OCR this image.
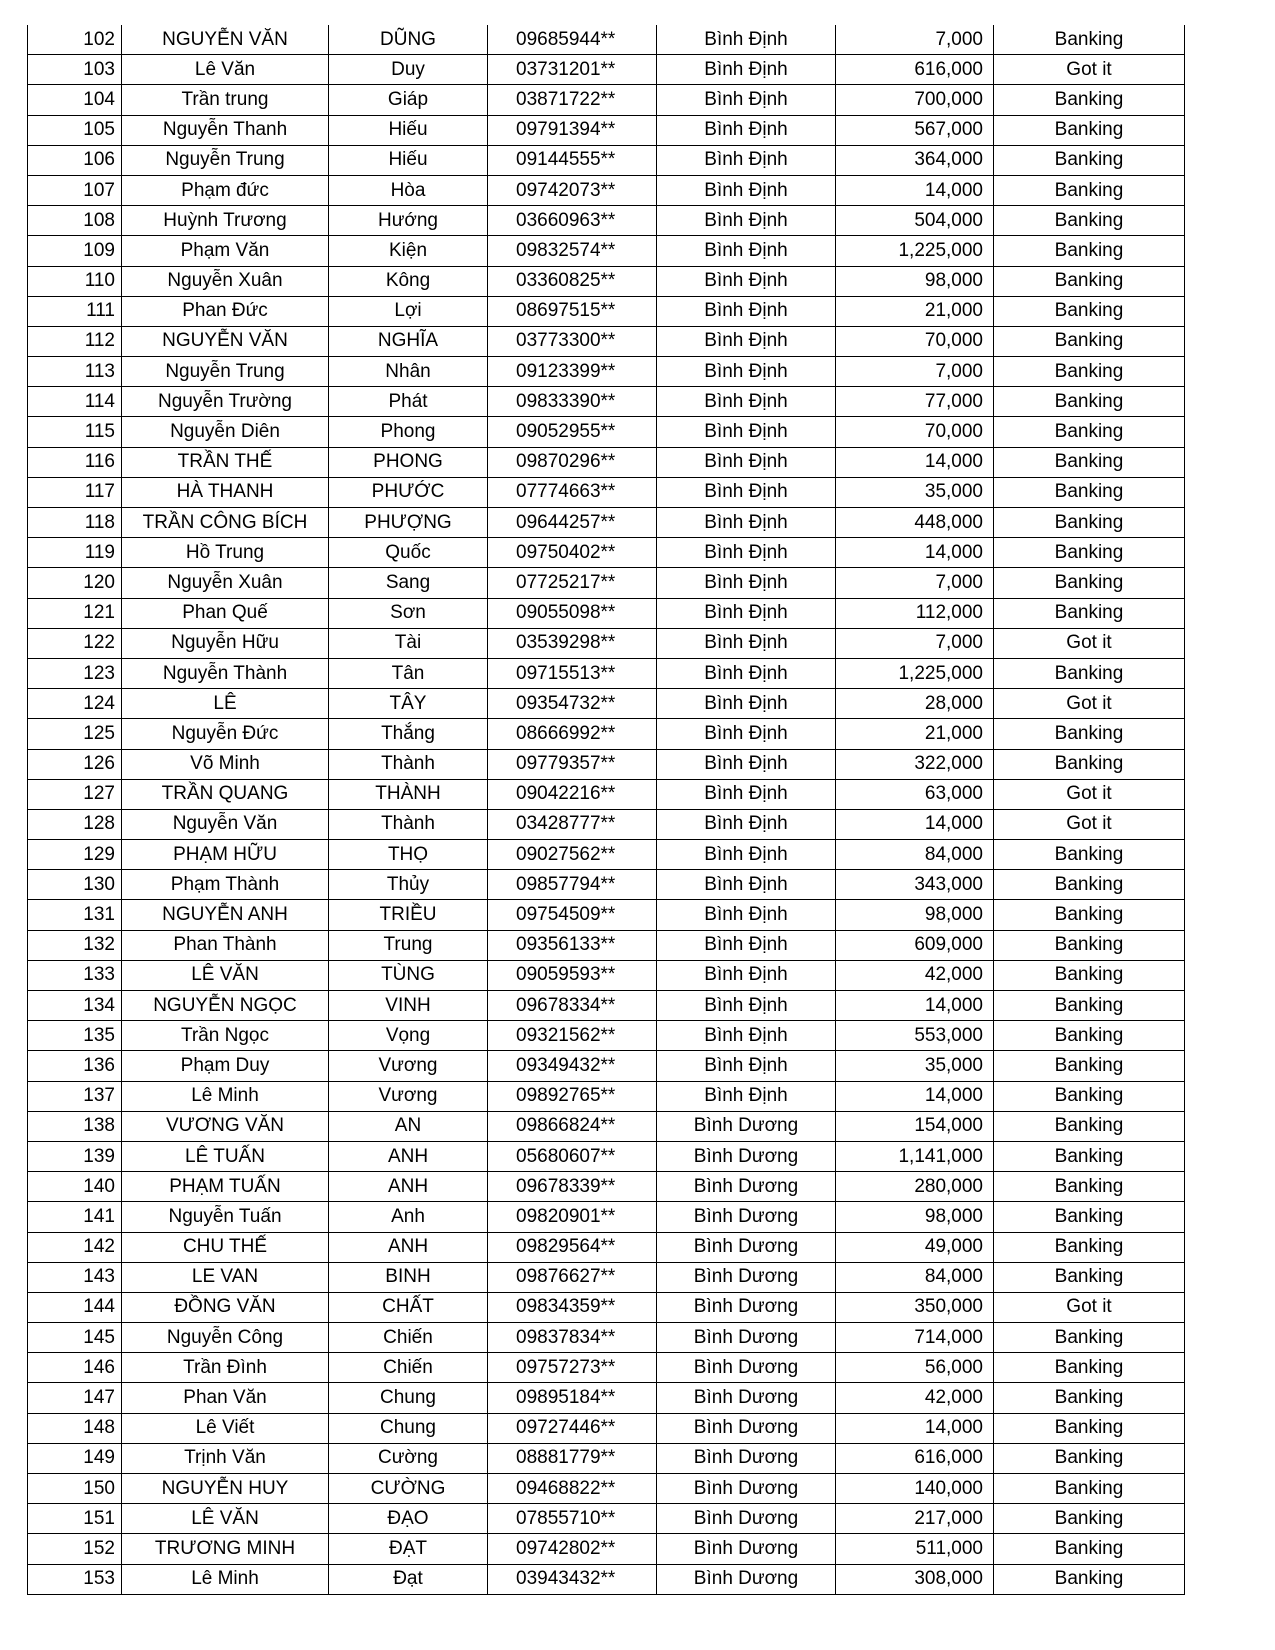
102	NGUYỄN VĂN	DŨNG	09685944**	Bình Định	7,000	Banking
103	Lê Văn	Duy	03731201**	Bình Định	616,000	Got it
104	Trần trung	Giáp	03871722**	Bình Định	700,000	Banking
105	Nguyễn Thanh	Hiếu	09791394**	Bình Định	567,000	Banking
106	Nguyễn Trung	Hiếu	09144555**	Bình Định	364,000	Banking
107	Phạm đức	Hòa	09742073**	Bình Định	14,000	Banking
108	Huỳnh Trương	Hướng	03660963**	Bình Định	504,000	Banking
109	Phạm Văn	Kiện	09832574**	Bình Định	1,225,000	Banking
110	Nguyễn Xuân	Kông	03360825**	Bình Định	98,000	Banking
111	Phan Đức	Lợi	08697515**	Bình Định	21,000	Banking
112	NGUYỄN VĂN	NGHĨA	03773300**	Bình Định	70,000	Banking
113	Nguyễn Trung	Nhân	09123399**	Bình Định	7,000	Banking
114	Nguyễn Trường	Phát	09833390**	Bình Định	77,000	Banking
115	Nguyễn Diên	Phong	09052955**	Bình Định	70,000	Banking
116	TRẦN THẾ	PHONG	09870296**	Bình Định	14,000	Banking
117	HÀ THANH	PHƯỚC	07774663**	Bình Định	35,000	Banking
118	TRẦN CÔNG BÍCH	PHƯỢNG	09644257**	Bình Định	448,000	Banking
119	Hồ Trung	Quốc	09750402**	Bình Định	14,000	Banking
120	Nguyễn Xuân	Sang	07725217**	Bình Định	7,000	Banking
121	Phan Quế	Sơn	09055098**	Bình Định	112,000	Banking
122	Nguyễn Hữu	Tài	03539298**	Bình Định	7,000	Got it
123	Nguyễn Thành	Tân	09715513**	Bình Định	1,225,000	Banking
124	LÊ	TÂY	09354732**	Bình Định	28,000	Got it
125	Nguyễn Đức	Thắng	08666992**	Bình Định	21,000	Banking
126	Võ Minh	Thành	09779357**	Bình Định	322,000	Banking
127	TRẦN QUANG	THÀNH	09042216**	Bình Định	63,000	Got it
128	Nguyễn Văn	Thành	03428777**	Bình Định	14,000	Got it
129	PHẠM HỮU	THỌ	09027562**	Bình Định	84,000	Banking
130	Phạm Thành	Thủy	09857794**	Bình Định	343,000	Banking
131	NGUYỄN ANH	TRIỀU	09754509**	Bình Định	98,000	Banking
132	Phan Thành	Trung	09356133**	Bình Định	609,000	Banking
133	LÊ VĂN	TÙNG	09059593**	Bình Định	42,000	Banking
134	NGUYỄN NGỌC	VINH	09678334**	Bình Định	14,000	Banking
135	Trần Ngọc	Vọng	09321562**	Bình Định	553,000	Banking
136	Phạm Duy	Vương	09349432**	Bình Định	35,000	Banking
137	Lê Minh	Vương	09892765**	Bình Định	14,000	Banking
138	VƯƠNG VĂN	AN	09866824**	Bình Dương	154,000	Banking
139	LÊ TUẤN	ANH	05680607**	Bình Dương	1,141,000	Banking
140	PHẠM TUẤN	ANH	09678339**	Bình Dương	280,000	Banking
141	Nguyễn Tuấn	Anh	09820901**	Bình Dương	98,000	Banking
142	CHU THẾ	ANH	09829564**	Bình Dương	49,000	Banking
143	LE VAN	BINH	09876627**	Bình Dương	84,000	Banking
144	ĐỒNG VĂN	CHẤT	09834359**	Bình Dương	350,000	Got it
145	Nguyễn Công	Chiến	09837834**	Bình Dương	714,000	Banking
146	Trần Đình	Chiến	09757273**	Bình Dương	56,000	Banking
147	Phan Văn	Chung	09895184**	Bình Dương	42,000	Banking
148	Lê Viết	Chung	09727446**	Bình Dương	14,000	Banking
149	Trịnh Văn	Cường	08881779**	Bình Dương	616,000	Banking
150	NGUYỄN HUY	CƯỜNG	09468822**	Bình Dương	140,000	Banking
151	LÊ VĂN	ĐẠO	07855710**	Bình Dương	217,000	Banking
152	TRƯƠNG MINH	ĐẠT	09742802**	Bình Dương	511,000	Banking
153	Lê Minh	Đạt	03943432**	Bình Dương	308,000	Banking
